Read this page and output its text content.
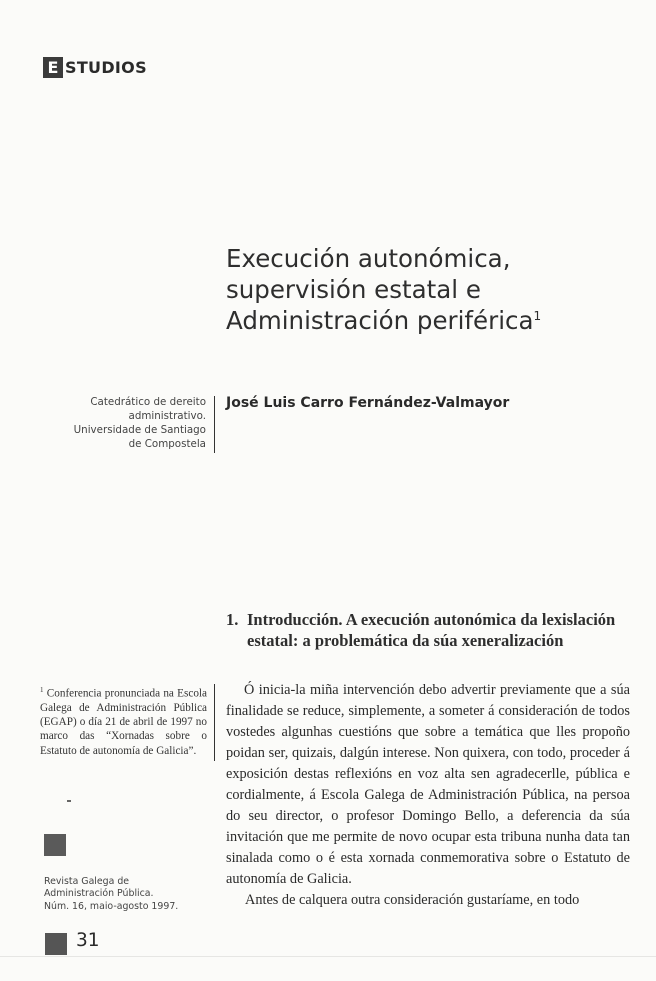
E STUDIOS
Execución autonómica,
supervisión estatal e
Administración periférica$^1$
Catedrático de dereito
administrativo.
Universidade de Santiago
de Compostela
José Luis Carro Fernández-Valmayor
1. Introducción. A execución autonómica da lexislación estatal: a problemática da súa xeneralización
$^1$ Conferencia pronunciada na Escola Galega de Administración Pública (EGAP) o día 21 de abril de 1997 no marco das “Xornadas sobre o Estatuto de autonomía de Galicia”.

Ó inicia-la miña intervención debo advertir previamente que a súa finalidade se reduce, simplemente, a someter á consideración de todos vostedes algunhas cuestións que sobre a temática que lles propoño poidan ser, quizais, dalgún interese. Non quixera, con todo, proceder á exposición destas reflexións en voz alta sen agradecerlle, pública e cordialmente, á Escola Galega de Administración Pública, na persoa do seu director, o profesor Domingo Bello, a deferencia da súa invitación que me permite de novo ocupar esta tribuna nunha data tan sinalada como o é esta xornada conmemorativa sobre o Estatuto de autonomía de Galicia.

Antes de calquera outra consideración gustaríame, en todo

Revista Galega de
Administración Pública.
Núm. 16, maio-agosto 1997.
31
